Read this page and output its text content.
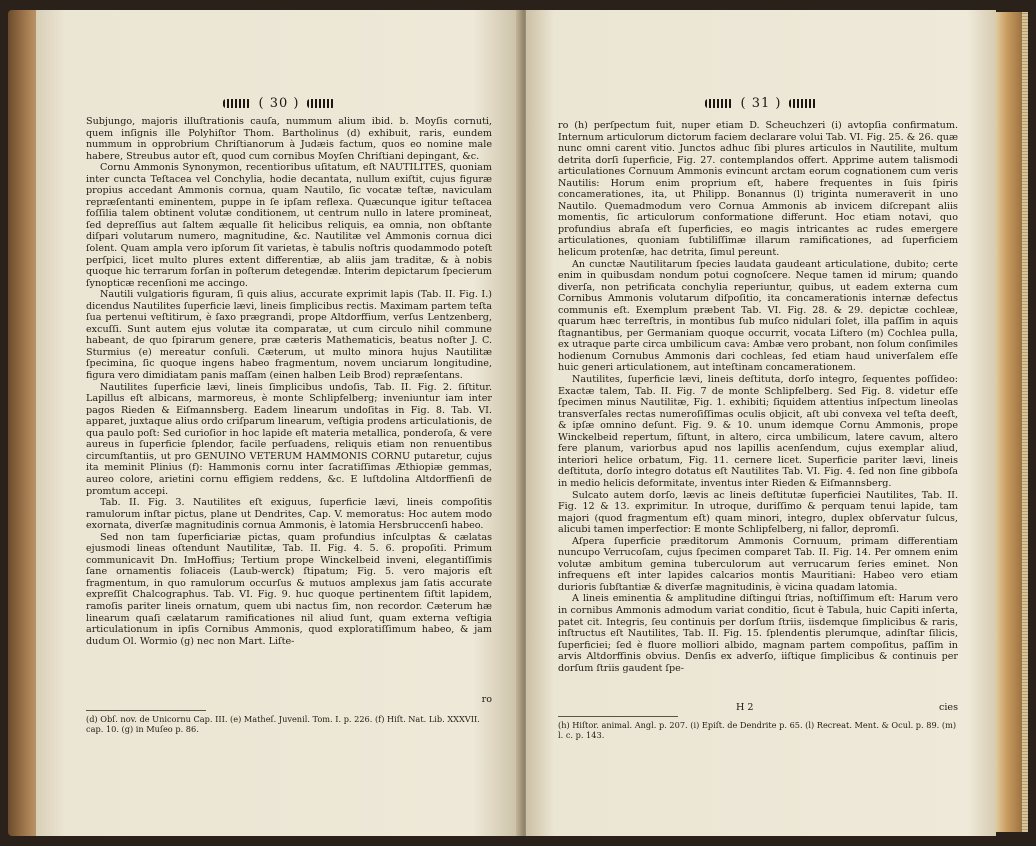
( 30 )

Subjungo, majoris illuſtrationis cauſa, nummum alium ibid. b. Moyſis cornuti, quem inſignis ille Polyhiſtor Thom. Bartholinus (d) exhibuit, raris, eundem nummum in opprobrium Chriſtianorum à Judæis factum, quos eo nomine male habere, Streubus autor eſt, quod cum cornibus Moyſen Chriſtiani depingant, &c.

Cornu Ammonis Synonymon, recentioribus uſitatum, eſt NAUTILITES, quoniam inter cuncta Teſtacea vel Conchylia, hodie decantata, nullum exiſtit, cujus figuræ propius accedant Ammonis cornua, quam Nautilo, ſic vocatæ teſtæ, naviculam repræſentanti eminentem, puppe in ſe ipſam reflexa. Quæcunque igitur teſtacea foſſilia talem obtinent volutæ conditionem, ut centrum nullo in latere promineat, ſed depreſſius aut ſaltem æqualle ſit helicibus reliquis, ea omnia, non obſtante diſpari volutarum numero, magnitudine, &c. Nautilitæ vel Ammonis cornua dici ſolent. Quam ampla vero ipſorum ſit varietas, è tabulis noſtris quodammodo poteſt perſpici, licet multo plures extent differentiæ, ab aliis jam traditæ, & à nobis quoque hic terrarum forſan in poſterum detegendæ. Interim depictarum ſpecierum ſynopticæ recenſioni me accingo.

Nautili vulgatioris figuram, ſi quis alius, accurate exprimit lapis (Tab. II. Fig. I.) dicendus Nautilites ſuperficie lævi, lineis ſimplicibus rectis. Maximam partem teſta ſua pertenui veſtitirum, è ſaxo prægrandi, prope Altdorffium, verſus Lentzenberg, excuſſi. Sunt autem ejus volutæ ita comparatæ, ut cum circulo nihil commune habeant, de quo ſpirarum genere, præ cæteris Mathematicis, beatus noſter J. C. Sturmius (e) mereatur conſuli. Cæterum, ut multo minora hujus Nautilitæ ſpecimina, ſic quoque ingens habeo fragmentum, novem unciarum longitudine, figura vero dimidiatam panis maſſam (einen halben Leib Brod) repræſentans.

Nautilites ſuperficie lævi, lineis ſimplicibus undoſis, Tab. II. Fig. 2. ſiſtitur. Lapillus eſt albicans, marmoreus, è monte Schlipfelberg; inveniuntur iam inter pagos Rieden & Eiſmannsberg. Eadem linearum undoſitas in Fig. 8. Tab. VI. apparet, juxtaque alius ordo criſparum linearum, veſtigia prodens articulationis, de qua paulo poſt: Sed curioſior in hoc lapide eſt materia metallica, ponderoſa, & vere aureus in ſuperficie ſplendor, facile perſuadens, reliquis etiam non renuentibus circumſtantiis, ut pro GENUINO VETERUM HAMMONIS CORNU putaretur, cujus ita meminit Plinius (f): Hammonis cornu inter ſacratiſſimas Æthiopiæ gemmas, aureo colore, arietini cornu effigiem reddens, &c. E luſtdolina Altdorffienſi de promtum accepi.

Tab. II. Fig. 3. Nautilites eſt exiguus, ſuperficie lævi, lineis compoſitis ramulorum inſtar pictus, plane ut Dendrites, Cap. V. memoratus: Hoc autem modo exornata, diverſæ magnitudinis cornua Ammonis, è latomia Hersbruccenſi habeo.

Sed non tam ſuperficiariæ pictas, quam profundius inſculptas & cælatas ejusmodi lineas oſtendunt Nautilitæ, Tab. II. Fig. 4. 5. 6. propoſiti. Primum communicavit Dn. ImHoffius; Tertium prope Winckelbeid inveni, elegantiſſimis ſane ornamentis foliaceis (Laub-werck) ſtipatum; Fig. 5. vero majoris eſt fragmentum, in quo ramulorum occurſus & mutuos amplexus jam ſatis accurate expreſſit Chalcographus. Tab. VI. Fig. 9. huc quoque pertinentem ſiſtit lapidem, ramoſis pariter lineis ornatum, quem ubi nactus ſim, non recordor. Cæterum hæ linearum quaſi cælatarum ramificationes nil aliud ſunt, quam externa veſtigia articulationum in ipſis Cornibus Ammonis, quod exploratiſſimum habeo, & jam dudum Ol. Wormio (g) nec non Mart. Liſte-

ro
(d) Obſ. nov. de Unicornu Cap. III. (e) Matheſ. Juvenil. Tom. I. p. 226. (f) Hiſt. Nat. Lib. XXXVII. cap. 10. (g) in Muſeo p. 86.
( 31 )

ro (h) perſpectum fuit, nuper etiam D. Scheuchzeri (i) avtopſia confirmatum. Internum articulorum dictorum faciem declarare volui Tab. VI. Fig. 25. & 26. quæ nunc omni carent vitio. Junctos adhuc ſibi plures articulos in Nautilite, multum detrita dorſi ſuperficie, Fig. 27. contemplandos offert. Apprime autem talismodi articulationes Cornuum Ammonis evincunt arctam eorum cognationem cum veris Nautilis: Horum enim proprium eſt, habere frequentes in ſuis ſpiris concamerationes, ita, ut Philipp. Bonannus (l) triginta numeraverit in uno Nautilo. Quemadmodum vero Cornua Ammonis ab invicem diſcrepant aliis momentis, ſic articulorum conformatione differunt. Hoc etiam notavi, quo profundius abraſa eſt ſuperficies, eo magis intricantes ac rudes emergere articulationes, quoniam ſubtiliſſimæ illarum ramificationes, ad ſuperficiem helicum protenſæ, hac detrita, ſimul pereunt.

An cunctæ Nautilitarum ſpecies laudata gaudeant articulatione, dubito; certe enim in quibusdam nondum potui cognoſcere. Neque tamen id mirum; quando diverſa, non petrificata conchylia reperiuntur, quibus, ut eadem externa cum Cornibus Ammonis volutarum diſpoſitio, ita concamerationis internæ defectus communis eſt. Exemplum præbent Tab. VI. Fig. 28. & 29. depictæ cochleæ, quarum hæc terreſtris, in montibus ſub muſco nidulari ſolet, illa paſſim in aquis ſtagnantibus, per Germaniam quoque occurrit, vocata Liſtero (m) Cochlea pulla, ex utraque parte circa umbilicum cava: Ambæ vero probant, non ſolum conſimiles hodienum Cornubus Ammonis dari cochleas, ſed etiam haud univerſalem eſſe huic generi articulationem, aut inteſtinam concamerationem.

Nautilites, ſuperficie lævi, lineis deſtituta, dorſo integro, ſequentes poſſideo: Exactæ talem, Tab. II. Fig. 7 de monte Schlipfelberg. Sed Fig. 8. videtur eſſe ſpecimen minus Nautilitæ, Fig. 1. exhibiti; ſiquidem attentius inſpectum lineolas transverſales rectas numeroſiſſimas oculis objicit, aſt ubi convexa vel teſta deeſt, & ipſæ omnino deſunt. Fig. 9. & 10. unum idemque Cornu Ammonis, prope Winckelbeid repertum, ſiſtunt, in altero, circa umbilicum, latere cavum, altero fere planum, variorbus apud nos lapillis acenſendum, cujus exemplar aliud, interiori helice orbatum, Fig. 11. cernere licet. Superficie pariter lævi, lineis deſtituta, dorſo integro dotatus eſt Nautilites Tab. VI. Fig. 4. ſed non ſine gibboſa in medio helicis deformitate, inventus inter Rieden & Eiſmannsberg.

Sulcato autem dorſo, lævis ac lineis deſtitutæ ſuperficiei Nautilites, Tab. II. Fig. 12 & 13. exprimitur. In utroque, duriſſimo & perquam tenui lapide, tam majori (quod fragmentum eſt) quam minori, integro, duplex obſervatur ſulcus, alicubi tamen imperfectior: E monte Schlipfelberg, ni fallor, depromſi.

Aſpera ſuperficie præditorum Ammonis Cornuum, primam differentiam nuncupo Verrucoſam, cujus ſpecimen comparet Tab. II. Fig. 14. Per omnem enim volutæ ambitum gemina tuberculorum aut verrucarum ſeries eminet. Non infrequens eſt inter lapides calcarios montis Mauritiani: Habeo vero etiam durioris ſubſtantiæ & diverſæ magnitudinis, è vicina quadam latomia.

A lineis eminentia & amplitudine diſtingui ſtrias, noſtiſſimum eſt: Harum vero in cornibus Ammonis admodum variat conditio, ſicut è Tabula, huic Capiti inſerta, patet cit. Integris, ſeu continuis per dorſum ſtriis, iisdemque ſimplicibus & raris, inſtructus eſt Nautilites, Tab. II. Fig. 15. ſplendentis plerumque, adinſtar ſilicis, ſuperficiei; ſed è fluore molliori albido, magnam partem compoſitus, paſſim in arvis Altdorffinis obvius. Denſis ex adverſo, iiſtique ſimplicibus & continuis per dorſum ſtriis gaudent ſpe-

H 2	cies
(h) Hiſtor. animal. Angl. p. 207. (i) Epiſt. de Dendrite p. 65. (l) Recreat. Ment. & Ocul. p. 89. (m) l. c. p. 143.
